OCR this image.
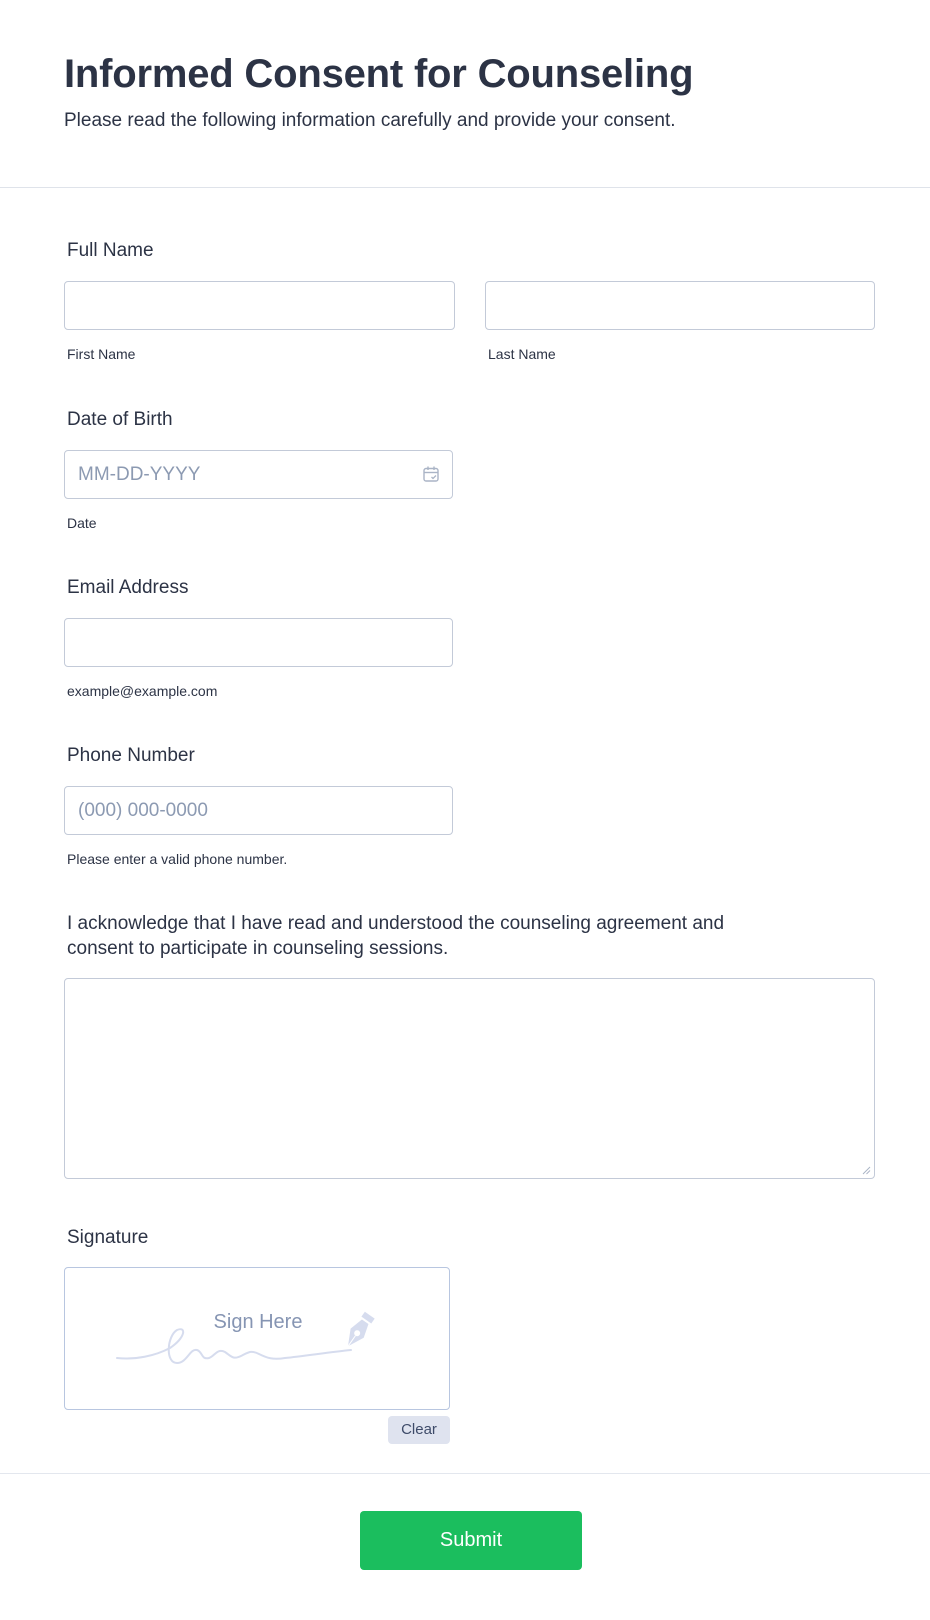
Informed Consent for Counseling
Please read the following information carefully and provide your consent.
Full Name
First Name	Last Name
Date of Birth
MM-DD-YYYY
Date
Email Address
example@example.com
Phone Number
(000) 000-0000
Please enter a valid phone number.
I acknowledge that I have read and understood the counseling agreement and
consent to participate in counseling sessions.
Signature
Sign Here
Clear
Submit
